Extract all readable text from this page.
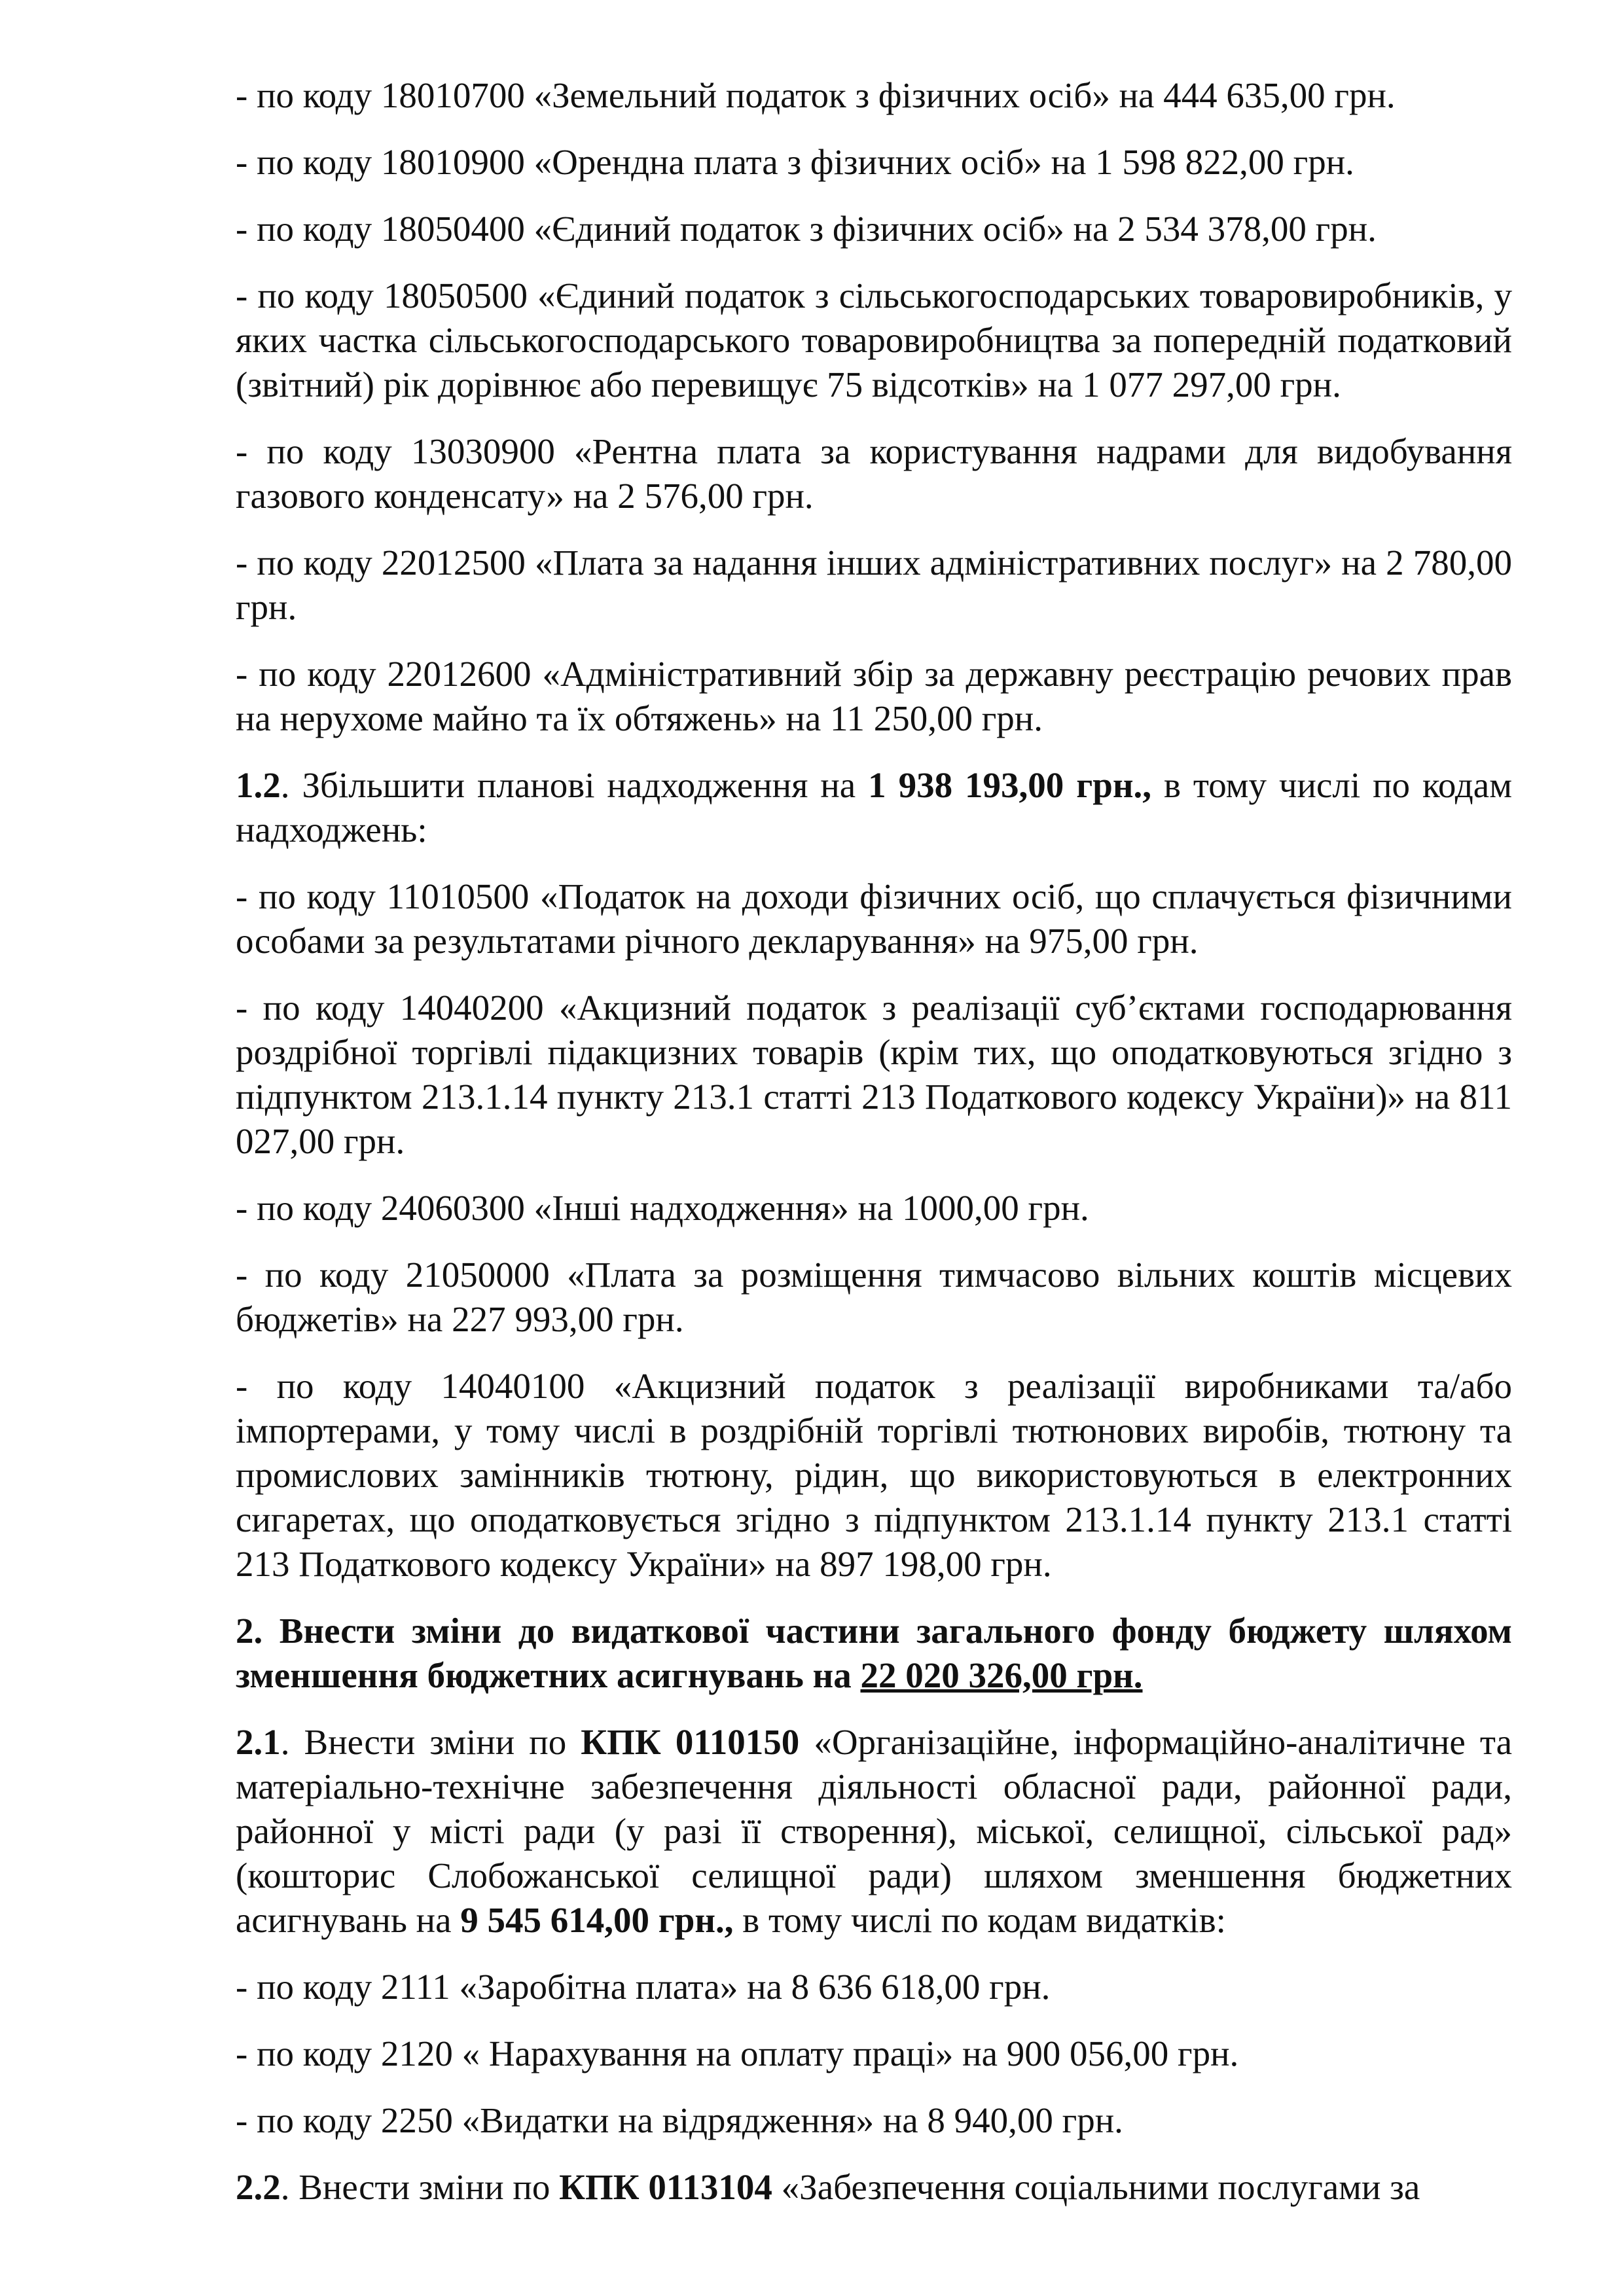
- по коду 18010700 «Земельний податок з фізичних осіб» на 444 635,00 грн.

- по коду 18010900 «Орендна плата з фізичних осіб» на 1 598 822,00 грн.

- по коду 18050400 «Єдиний податок з фізичних осіб» на 2 534 378,00 грн.

- по коду 18050500 «Єдиний податок з сільськогосподарських товаровиробників, у яких частка сільськогосподарського товаровиробництва за попередній податковий (звітний) рік дорівнює або перевищує 75 відсотків» на 1 077 297,00 грн.

- по коду 13030900 «Рентна плата за користування надрами для видобування газового конденсату» на 2 576,00 грн.

- по коду 22012500 «Плата за надання інших адміністративних послуг» на 2 780,00 грн.

- по коду 22012600 «Адміністративний збір за державну реєстрацію речових прав на нерухоме майно та їх обтяжень» на 11 250,00 грн.

1.2. Збільшити планові надходження на 1 938 193,00 грн., в тому числі по кодам надходжень:

- по коду 11010500 «Податок на доходи фізичних осіб, що сплачується фізичними особами за результатами річного декларування» на 975,00 грн.

- по коду 14040200 «Акцизний податок з реалізації суб’єктами господарювання роздрібної торгівлі підакцизних товарів (крім тих, що оподатковуються згідно з підпунктом 213.1.14 пункту 213.1 статті 213 Податкового кодексу України)» на 811 027,00 грн.

- по коду 24060300 «Інші надходження» на 1000,00 грн.

- по коду 21050000 «Плата за розміщення тимчасово вільних коштів місцевих бюджетів» на 227 993,00 грн.

- по коду 14040100 «Акцизний податок з реалізації виробниками та/або імпортерами, у тому числі в роздрібній торгівлі тютюнових виробів, тютюну та промислових замінників тютюну, рідин, що використовуються в електронних сигаретах, що оподатковується згідно з підпунктом 213.1.14 пункту 213.1 статті 213 Податкового кодексу України» на 897 198,00 грн.

2. Внести зміни до видаткової частини загального фонду бюджету шляхом зменшення бюджетних асигнувань на 22 020 326,00 грн.

2.1. Внести зміни по КПК 0110150 «Організаційне, інформаційно-аналітичне та матеріально-технічне забезпечення діяльності обласної ради, районної ради, районної у місті ради (у разі її створення), міської, селищної, сільської рад» (кошторис Слобожанської селищної ради) шляхом зменшення бюджетних асигнувань на 9 545 614,00 грн., в тому числі по кодам видатків:

- по коду 2111 «Заробітна плата» на 8 636 618,00 грн.

- по коду 2120 « Нарахування на оплату праці» на 900 056,00 грн.

- по коду 2250 «Видатки на відрядження» на 8 940,00 грн.

2.2. Внести зміни по КПК 0113104 «Забезпечення соціальними послугами за
